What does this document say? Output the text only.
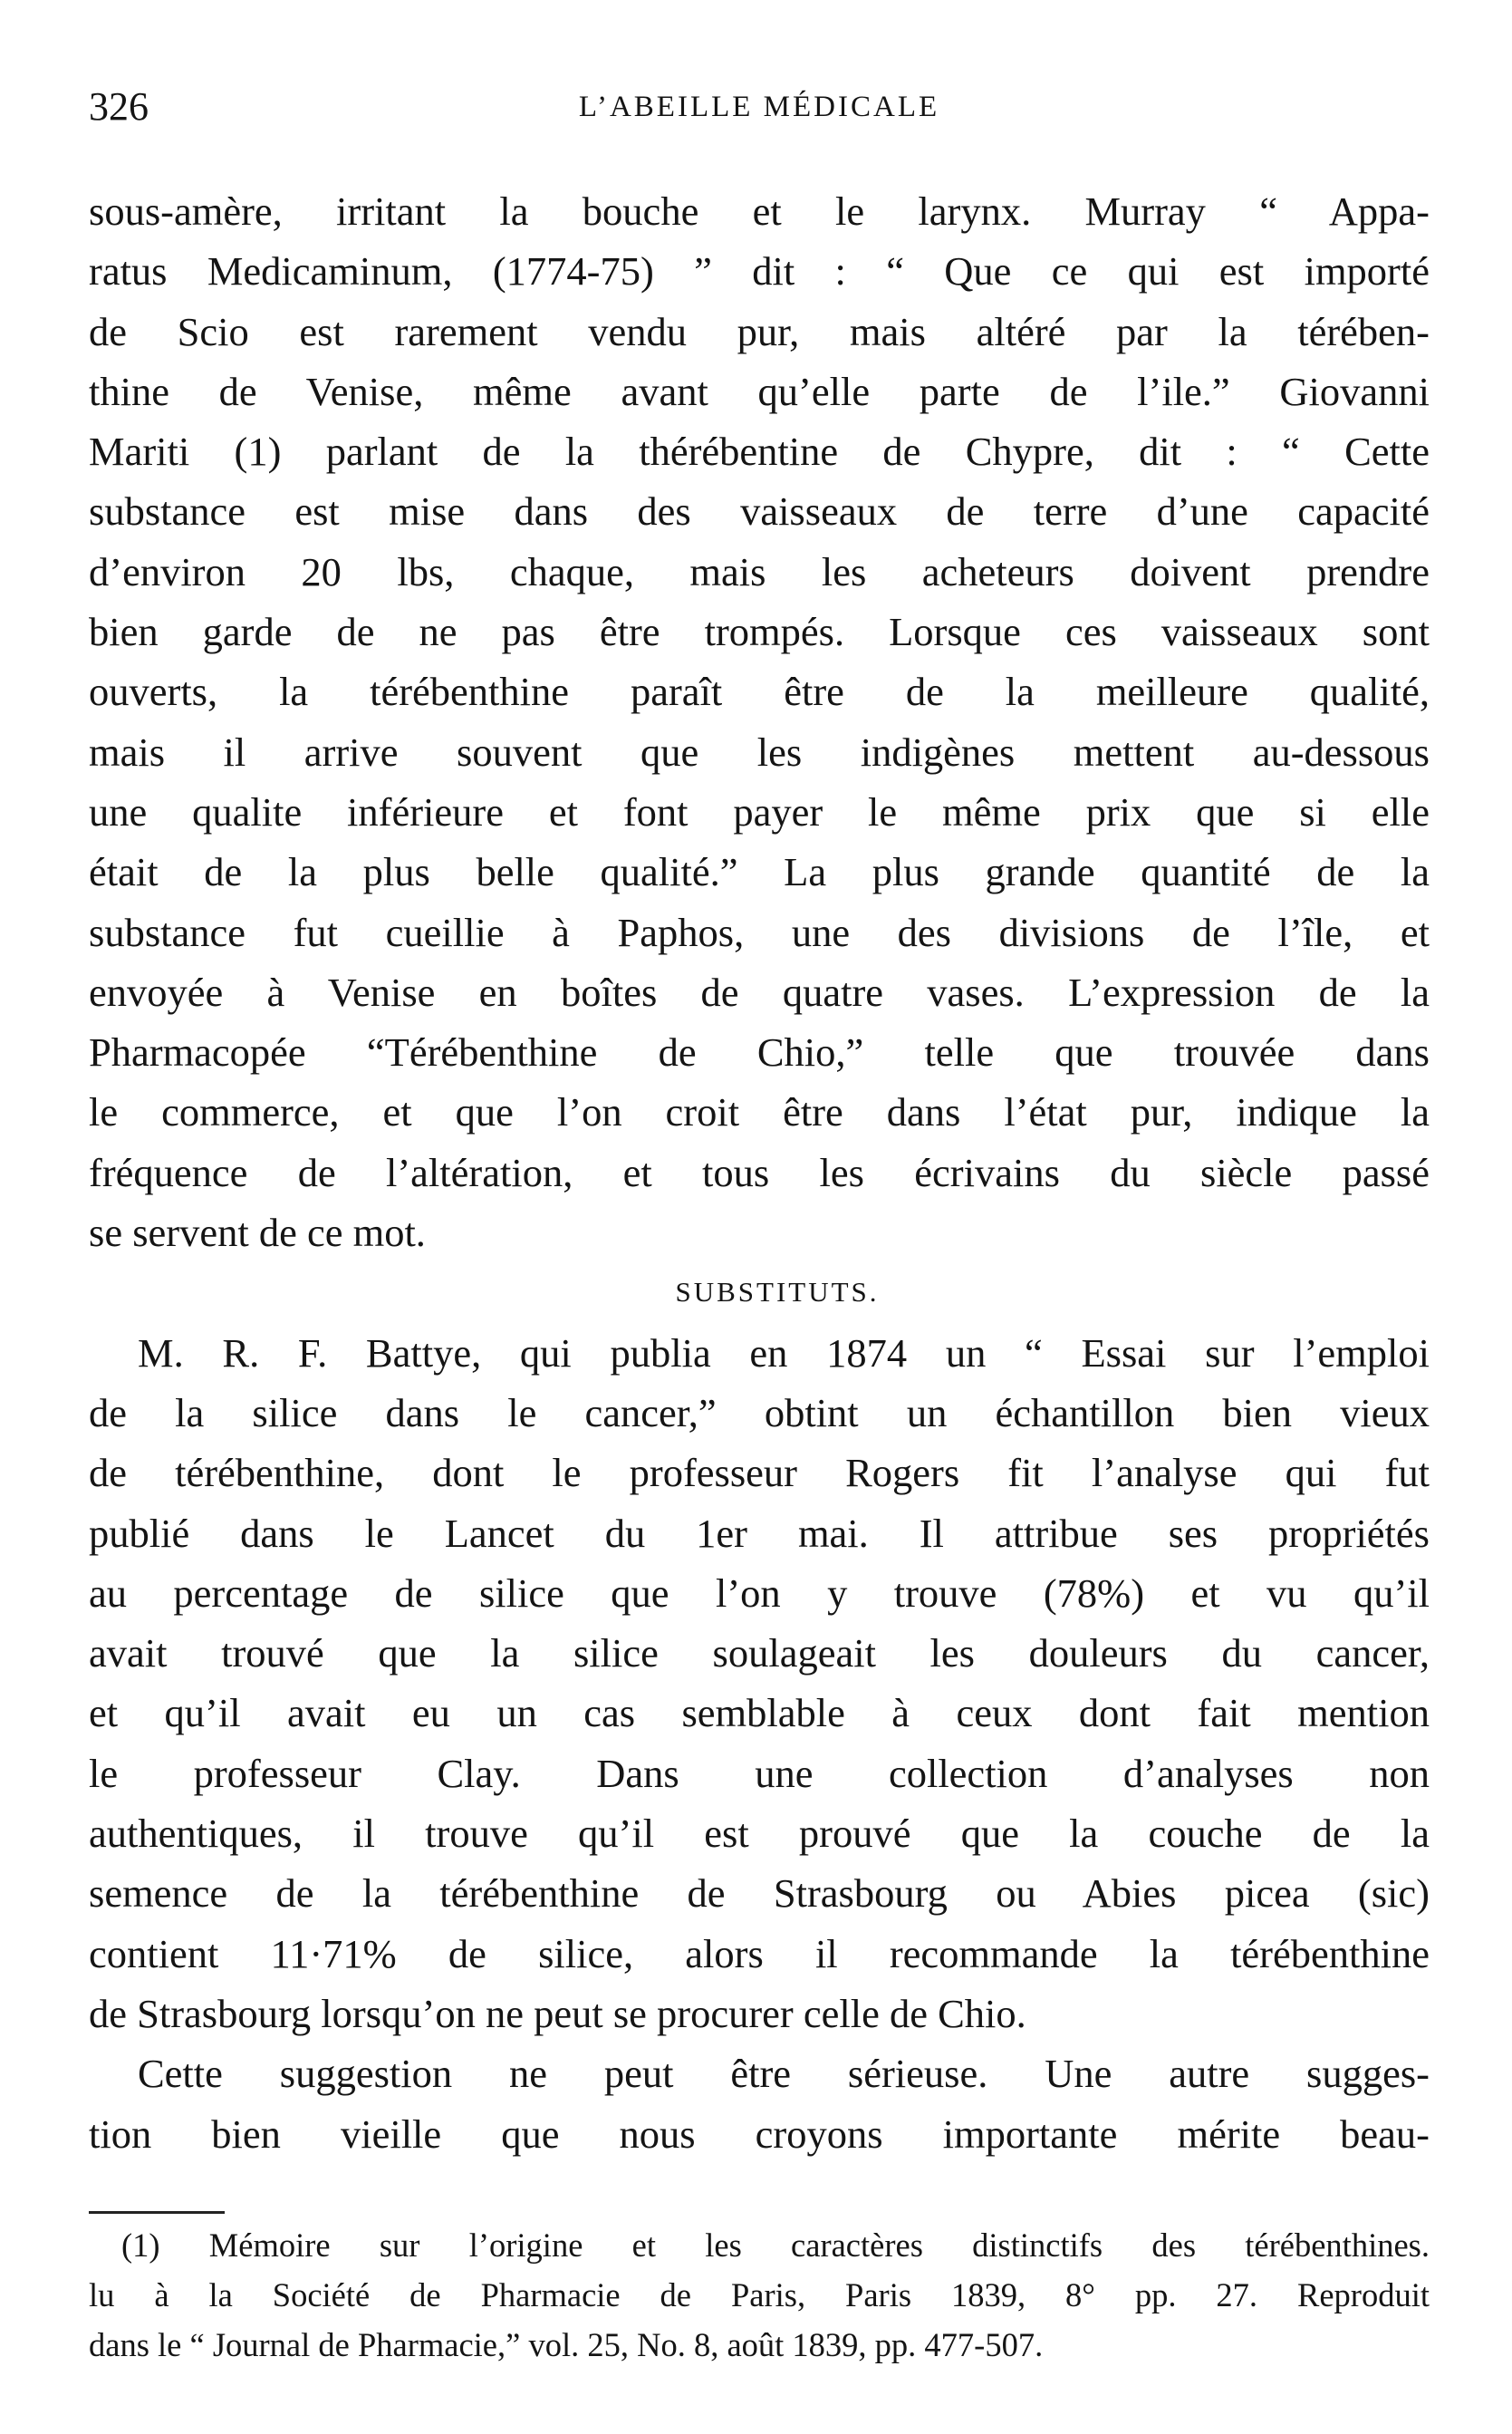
326	L’ABEILLE MÉDICALE
sous-amère, irritant la bouche et le larynx. Murray “ Appa-
ratus Medicaminum, (1774-75) ” dit : “ Que ce qui est importé
de Scio est rarement vendu pur, mais altéré par la térében-
thine de Venise, même avant qu’elle parte de l’ile.” Giovanni
Mariti (1) parlant de la thérébentine de Chypre, dit : “ Cette
substance est mise dans des vaisseaux de terre d’une capacité
d’environ 20 lbs, chaque, mais les acheteurs doivent prendre
bien garde de ne pas être trompés. Lorsque ces vaisseaux sont
ouverts, la térébenthine paraît être de la meilleure qualité,
mais il arrive souvent que les indigènes mettent au-dessous
une qualite inférieure et font payer le même prix que si elle
était de la plus belle qualité.” La plus grande quantité de la
substance fut cueillie à Paphos, une des divisions de l’île, et
envoyée à Venise en boîtes de quatre vases. L’expression de la
Pharmacopée “Térébenthine de Chio,” telle que trouvée dans
le commerce, et que l’on croit être dans l’état pur, indique la
fréquence de l’altération, et tous les écrivains du siècle passé
se servent de ce mot.
SUBSTITUTS.
M. R. F. Battye, qui publia en 1874 un “ Essai sur l’emploi
de la silice dans le cancer,” obtint un échantillon bien vieux
de térébenthine, dont le professeur Rogers fit l’analyse qui fut
publié dans le Lancet du 1er mai. Il attribue ses propriétés
au percentage de silice que l’on y trouve (78%) et vu qu’il
avait trouvé que la silice soulageait les douleurs du cancer,
et qu’il avait eu un cas semblable à ceux dont fait mention
le professeur Clay. Dans une collection d’analyses non
authentiques, il trouve qu’il est prouvé que la couche de la
semence de la térébenthine de Strasbourg ou Abies picea (sic)
contient 11·71% de silice, alors il recommande la térébenthine
de Strasbourg lorsqu’on ne peut se procurer celle de Chio.
Cette suggestion ne peut être sérieuse. Une autre sugges-
tion bien vieille que nous croyons importante mérite beau-
(1) Mémoire sur l’origine et les caractères distinctifs des térébenthines.
lu à la Société de Pharmacie de Paris, Paris 1839, 8° pp. 27. Reproduit
dans le “ Journal de Pharmacie,” vol. 25, No. 8, août 1839, pp. 477-507.
